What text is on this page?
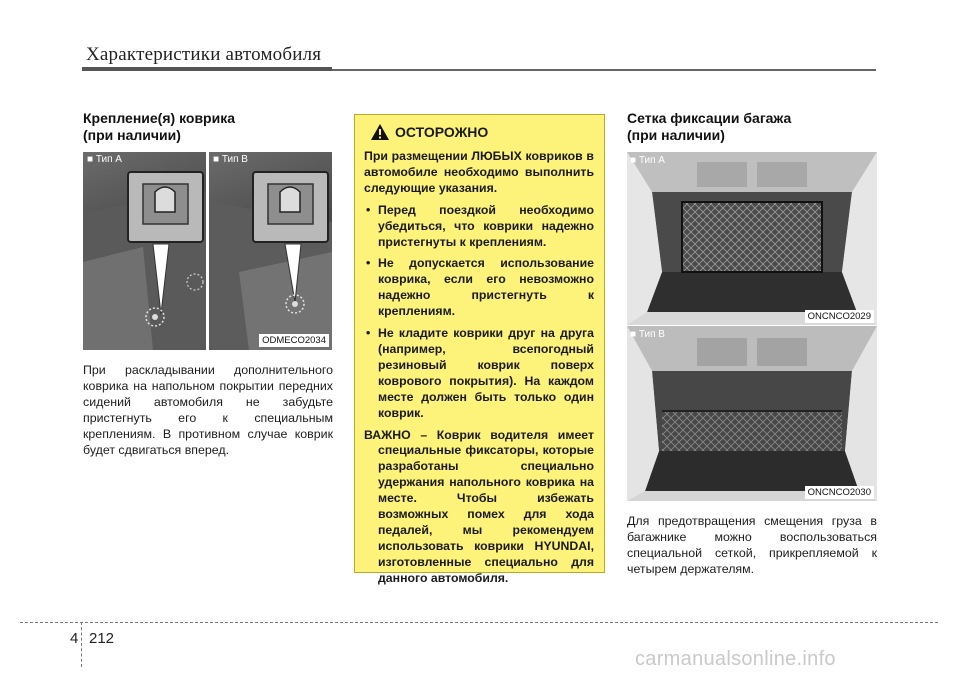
Характеристики автомобиля
Крепление(я) коврика
(при наличии)
■ Тип А	■ Тип В
ODMECO2034
При раскладывании дополнительного коврика на напольном покрытии передних сидений автомобиля не забудьте пристегнуть его к специальным креплениям. В противном случае коврик будет сдвигаться вперед.
ОСТОРОЖНО

При размещении ЛЮБЫХ ковриков в автомобиле необходимо выполнить следующие указания.

• Перед поездкой необходимо убедиться, что коврики надежно пристегнуты к креплениям.
• Не допускается использование коврика, если его невозможно надежно пристегнуть к креплениям.
• Не кладите коврики друг на друга (например, всепогодный резиновый коврик поверх коврового покрытия). На каждом месте должен быть только один коврик.

ВАЖНО – Коврик водителя имеет специальные фиксаторы, которые разработаны специально удержания напольного коврика на месте. Чтобы избежать возможных помех для хода педалей, мы рекомендуем использовать коврики HYUNDAI, изготовленные специально для данного автомобиля.

Сетка фиксации багажа
(при наличии)
■ Тип А
ONCNCO2029
■ Тип В
ONCNCO2030
Для предотвращения смещения груза в багажнике можно воспользоваться специальной сеткой, прикрепляемой к четырем держателям.
4 212
carmanualsonline.info
